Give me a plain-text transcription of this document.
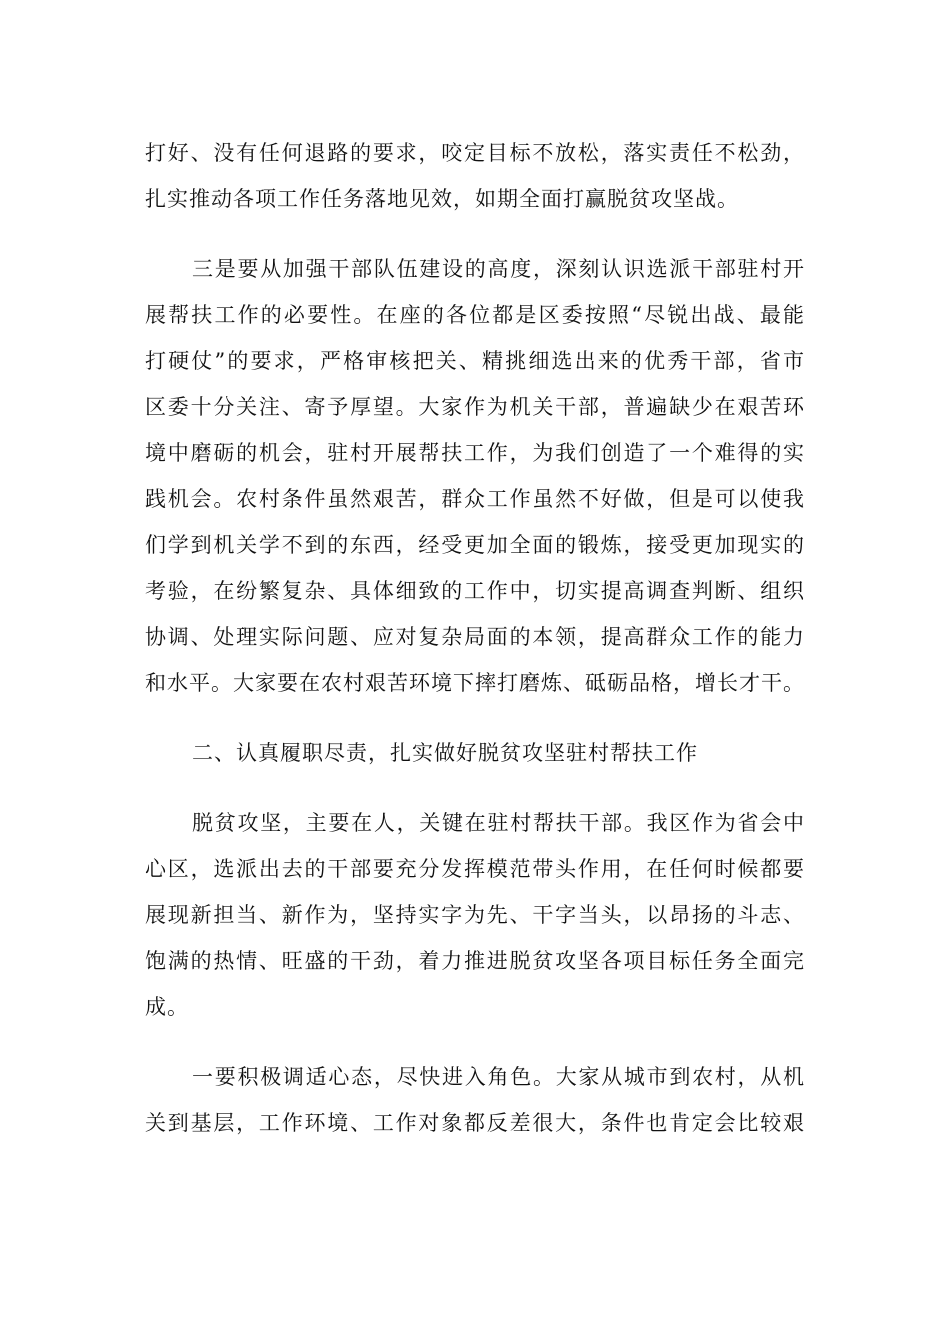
打好、没有任何退路的要求，咬定目标不放松，落实责任不松劲，
扎实推动各项工作任务落地见效，如期全面打赢脱贫攻坚战。
三是要从加强干部队伍建设的高度，深刻认识选派干部驻村开
展帮扶工作的必要性。在座的各位都是区委按照“尽锐出战、最能
打硬仗”的要求，严格审核把关、精挑细选出来的优秀干部，省市
区委十分关注、寄予厚望。大家作为机关干部，普遍缺少在艰苦环
境中磨砺的机会，驻村开展帮扶工作，为我们创造了一个难得的实
践机会。农村条件虽然艰苦，群众工作虽然不好做，但是可以使我
们学到机关学不到的东西，经受更加全面的锻炼，接受更加现实的
考验，在纷繁复杂、具体细致的工作中，切实提高调查判断、组织
协调、处理实际问题、应对复杂局面的本领，提高群众工作的能力
和水平。大家要在农村艰苦环境下摔打磨炼、砥砺品格，增长才干。
二、认真履职尽责，扎实做好脱贫攻坚驻村帮扶工作
脱贫攻坚，主要在人，关键在驻村帮扶干部。我区作为省会中
心区，选派出去的干部要充分发挥模范带头作用，在任何时候都要
展现新担当、新作为，坚持实字为先、干字当头，以昂扬的斗志、
饱满的热情、旺盛的干劲，着力推进脱贫攻坚各项目标任务全面完
成。
一要积极调适心态，尽快进入角色。大家从城市到农村，从机
关到基层，工作环境、工作对象都反差很大，条件也肯定会比较艰
